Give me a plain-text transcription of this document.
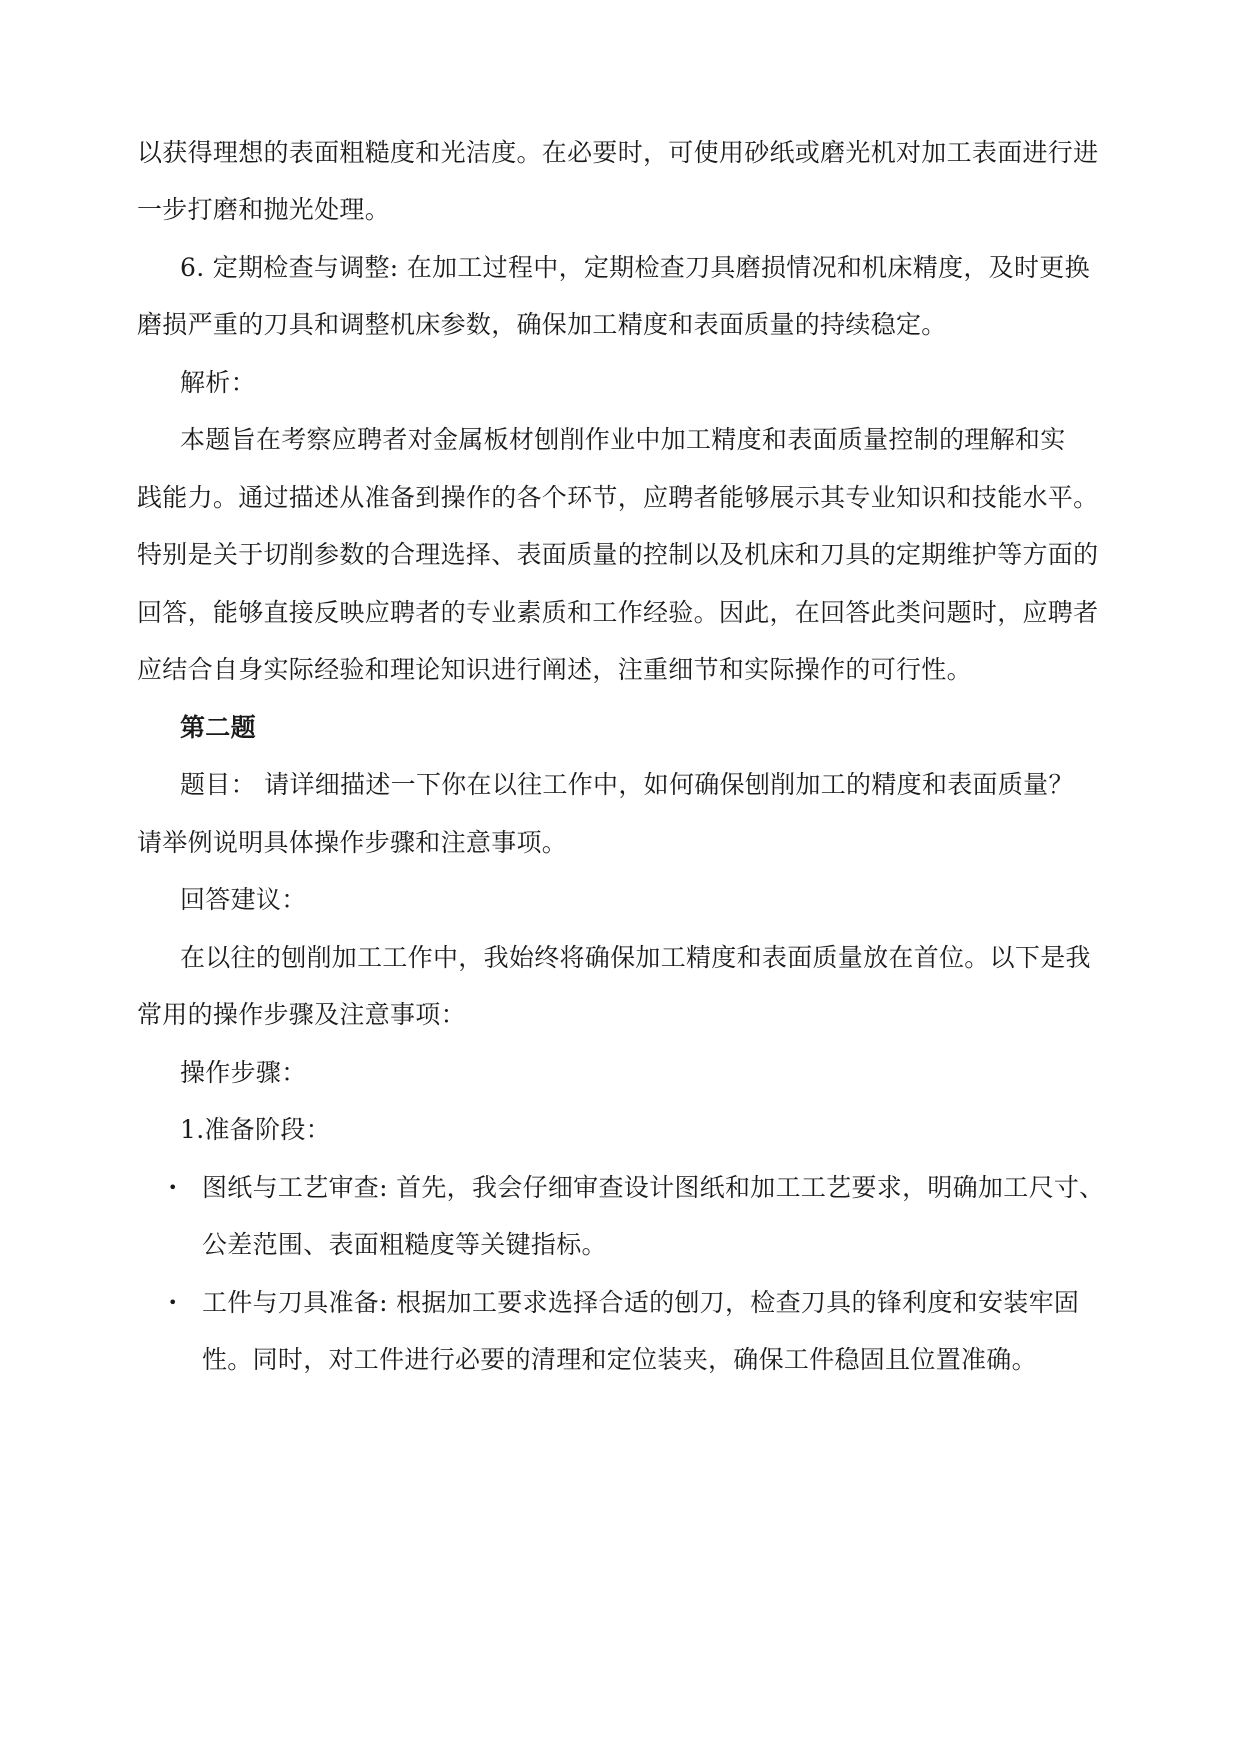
以获得理想的表面粗糙度和光洁度。在必要时，可使用砂纸或磨光机对加工表面进行进
一步打磨和抛光处理。
6. 定期检查与调整: 在加工过程中，定期检查刀具磨损情况和机床精度，及时更换
磨损严重的刀具和调整机床参数，确保加工精度和表面质量的持续稳定。
解析：
本题旨在考察应聘者对金属板材刨削作业中加工精度和表面质量控制的理解和实
践能力。通过描述从准备到操作的各个环节，应聘者能够展示其专业知识和技能水平。
特别是关于切削参数的合理选择、表面质量的控制以及机床和刀具的定期维护等方面的
回答，能够直接反映应聘者的专业素质和工作经验。因此，在回答此类问题时，应聘者
应结合自身实际经验和理论知识进行阐述，注重细节和实际操作的可行性。
第二题
题目： 请详细描述一下你在以往工作中，如何确保刨削加工的精度和表面质量？
请举例说明具体操作步骤和注意事项。
回答建议：
在以往的刨削加工工作中，我始终将确保加工精度和表面质量放在首位。以下是我
常用的操作步骤及注意事项：
操作步骤：
1.准备阶段：
• 图纸与工艺审查: 首先，我会仔细审查设计图纸和加工工艺要求，明确加工尺寸、
公差范围、表面粗糙度等关键指标。
• 工件与刀具准备: 根据加工要求选择合适的刨刀，检查刀具的锋利度和安装牢固
性。同时，对工件进行必要的清理和定位装夹，确保工件稳固且位置准确。
